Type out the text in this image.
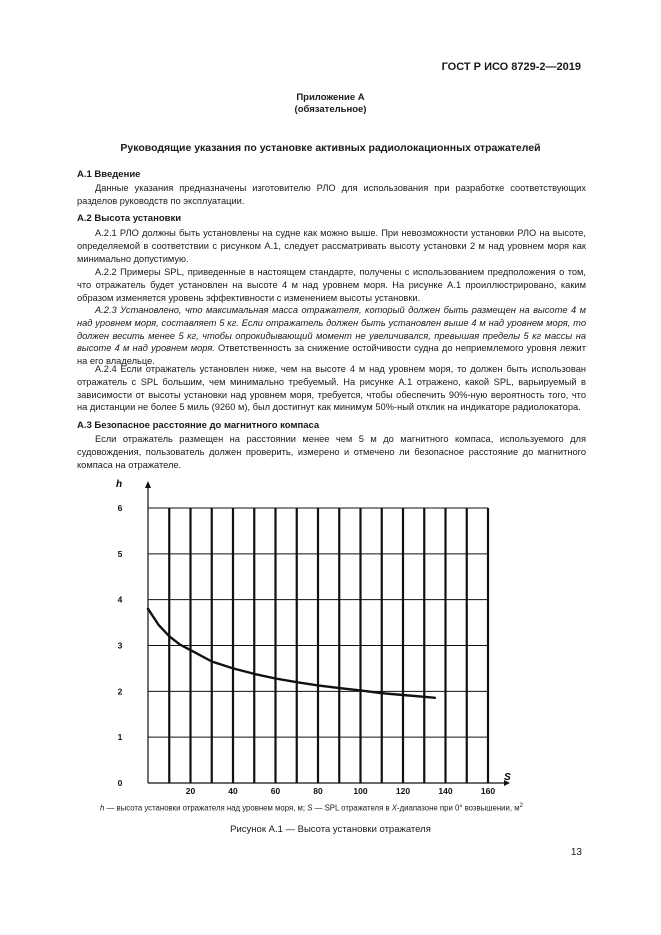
ГОСТ Р ИСО 8729-2—2019
Приложение А
(обязательное)
Руководящие указания по установке активных радиолокационных отражателей
А.1 Введение
Данные указания предназначены изготовителю РЛО для использования при разработке соответствующих разделов руководств по эксплуатации.
А.2 Высота установки
А.2.1 РЛО должны быть установлены на судне как можно выше. При невозможности установки РЛО на высоте, определяемой в соответствии с рисунком А.1, следует рассматривать высоту установки 2 м над уровнем моря как минимально допустимую.
А.2.2 Примеры SPL, приведенные в настоящем стандарте, получены с использованием предположения о том, что отражатель будет установлен на высоте 4 м над уровнем моря. На рисунке А.1 проиллюстрировано, каким образом изменяется уровень эффективности с изменением высоты установки.
А.2.3 Установлено, что максимальная масса отражателя, который должен быть размещен на высоте 4 м над уровнем моря, составляет 5 кг. Если отражатель должен быть установлен выше 4 м над уровнем моря, то должен весить менее 5 кг, чтобы опрокидывающий момент не увеличивался, превышая пределы 5 кг массы на высоте 4 м над уровнем моря. Ответственность за снижение остойчивости судна до неприемлемого уровня лежит на его владельце.
А.2.4 Если отражатель установлен ниже, чем на высоте 4 м над уровнем моря, то должен быть использован отражатель с SPL большим, чем минимально требуемый. На рисунке А.1 отражено, какой SPL, варьируемый в зависимости от высоты установки над уровнем моря, требуется, чтобы обеспечить 90%-ную вероятность того, что на дистанции не более 5 миль (9260 м), был достигнут как минимум 50%-ный отклик на индикаторе радиолокатора.
А.3 Безопасное расстояние до магнитного компаса
Если отражатель размещен на расстоянии менее чем 5 м до магнитного компаса, используемого для судовождения, пользователь должен проверить, измерено и отмечено ли безопасное расстояние до магнитного компаса на отражателе.
20	40	60	80	100	120	140	160
0
1
2
3
4
5
6
h
S
h — высота установки отражателя над уровнем моря, м; S — SPL отражателя в X-диапазоне при 0° возвышении, $м^2$
Рисунок А.1 — Высота установки отражателя
13
